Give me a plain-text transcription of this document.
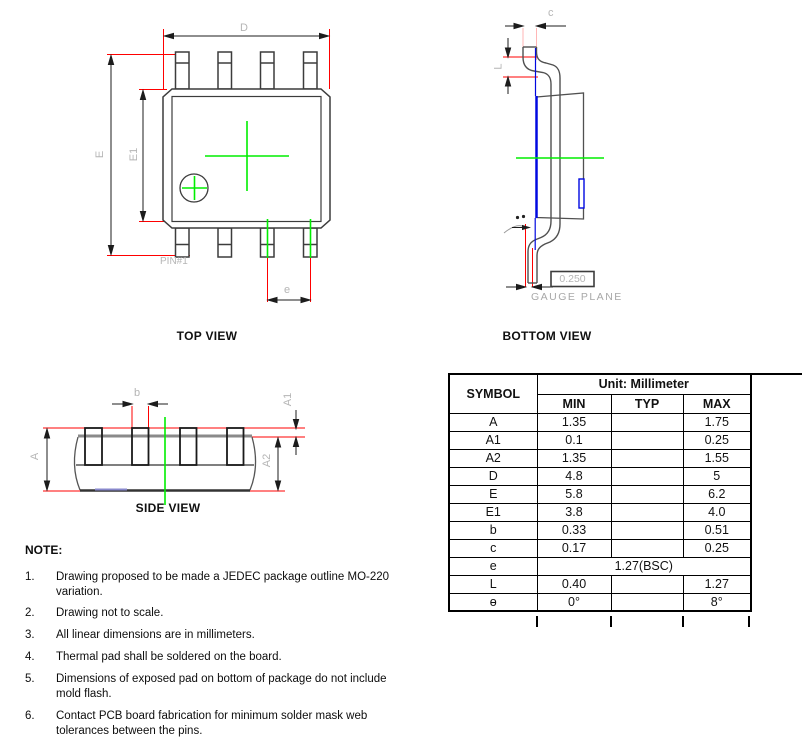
D
E E1
e
PIN#1
TOP VIEW
c
L
0.250
GAUGE PLANE
BOTTOM VIEW
b
A
A1
A2
SIDE VIEW
SYMBOL	Unit: Millimeter		
	MIN	TYP	MAX
A	1.35		1.75
A1	0.1		0.25
A2	1.35		1.55
D	4.8		5
E	5.8		6.2
E1	3.8		4.0
b	0.33		0.51
c	0.17		0.25
e	1.27(BSC)		
L	0.40		1.27
ɵ	0°		8°
NOTE:
1.	Drawing proposed to be made a JEDEC package outline MO-220 variation.
2.	Drawing not to scale.
3.	All linear dimensions are in millimeters.
4.	Thermal pad shall be soldered on the board.
5.	Dimensions of exposed pad on bottom of package do not include mold flash.
6.	Contact PCB board fabrication for minimum solder mask web tolerances between the pins.
